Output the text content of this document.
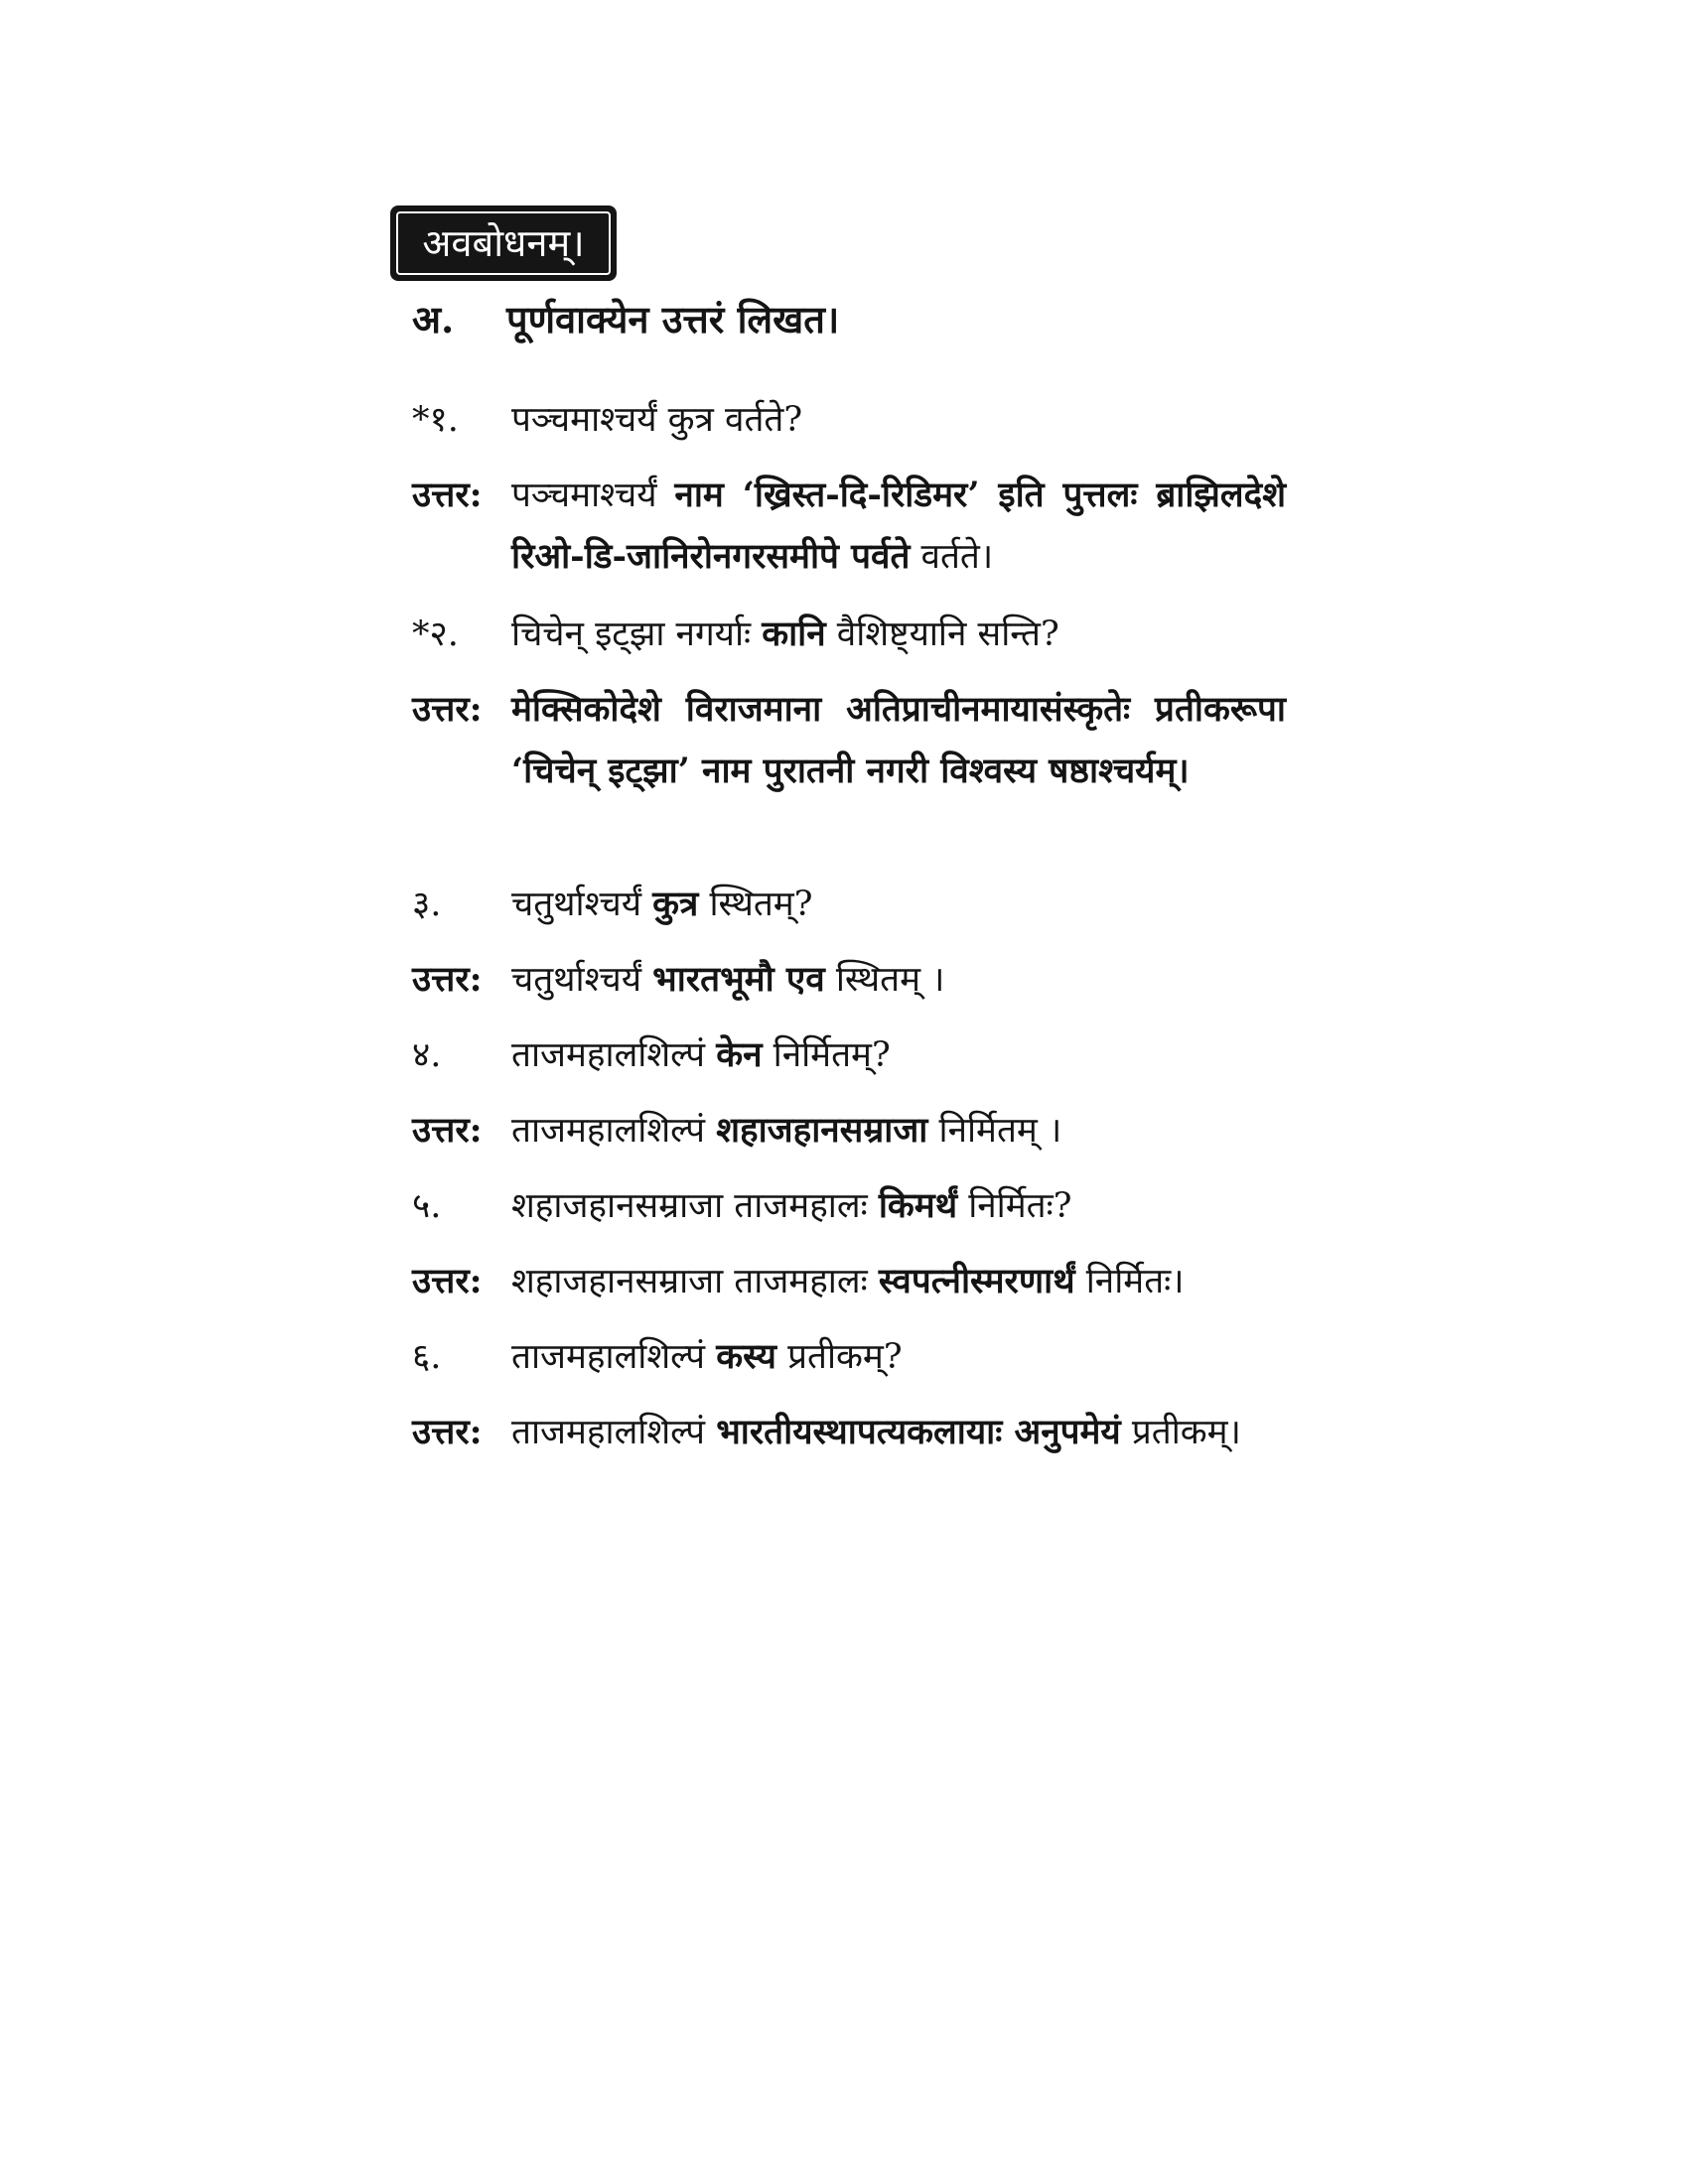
अवबोधनम्।
अ.	पूर्णवाक्येन उत्तरं लिखत।
*१.	पञ्चमाश्चर्यं कुत्र वर्तते?
उत्तर: पञ्चमाश्चर्यं नाम ‘ख्रिस्त-दि-रिडिमर’ इति पुत्तलः ब्राझिलदेशे रिओ-डि-जानिरोनगरसमीपे पर्वते वर्तते।
*२.	चिचेन् इट्झा नगर्याः कानि वैशिष्ट्यानि सन्ति?
उत्तर: मेक्सिकोदेशे विराजमाना अतिप्राचीनमायासंस्कृतेः प्रतीकरूपा ‘चिचेन् इट्झा’ नाम पुरातनी नगरी विश्वस्य षष्ठाश्चर्यम्।
३.	चतुर्थाश्चर्यं कुत्र स्थितम्?
उत्तर: चतुर्थाश्चर्यं भारतभूमौ एव स्थितम् ।
४.	ताजमहालशिल्पं केन निर्मितम्?
उत्तर: ताजमहालशिल्पं शहाजहानसम्राजा निर्मितम् ।
५.	शहाजहानसम्राजा ताजमहालः किमर्थं निर्मितः?
उत्तर: शहाजहानसम्राजा ताजमहालः स्वपत्नीस्मरणार्थं निर्मितः।
६.	ताजमहालशिल्पं कस्य प्रतीकम्?
उत्तर: ताजमहालशिल्पं भारतीयस्थापत्यकलायाः अनुपमेयं प्रतीकम्।
